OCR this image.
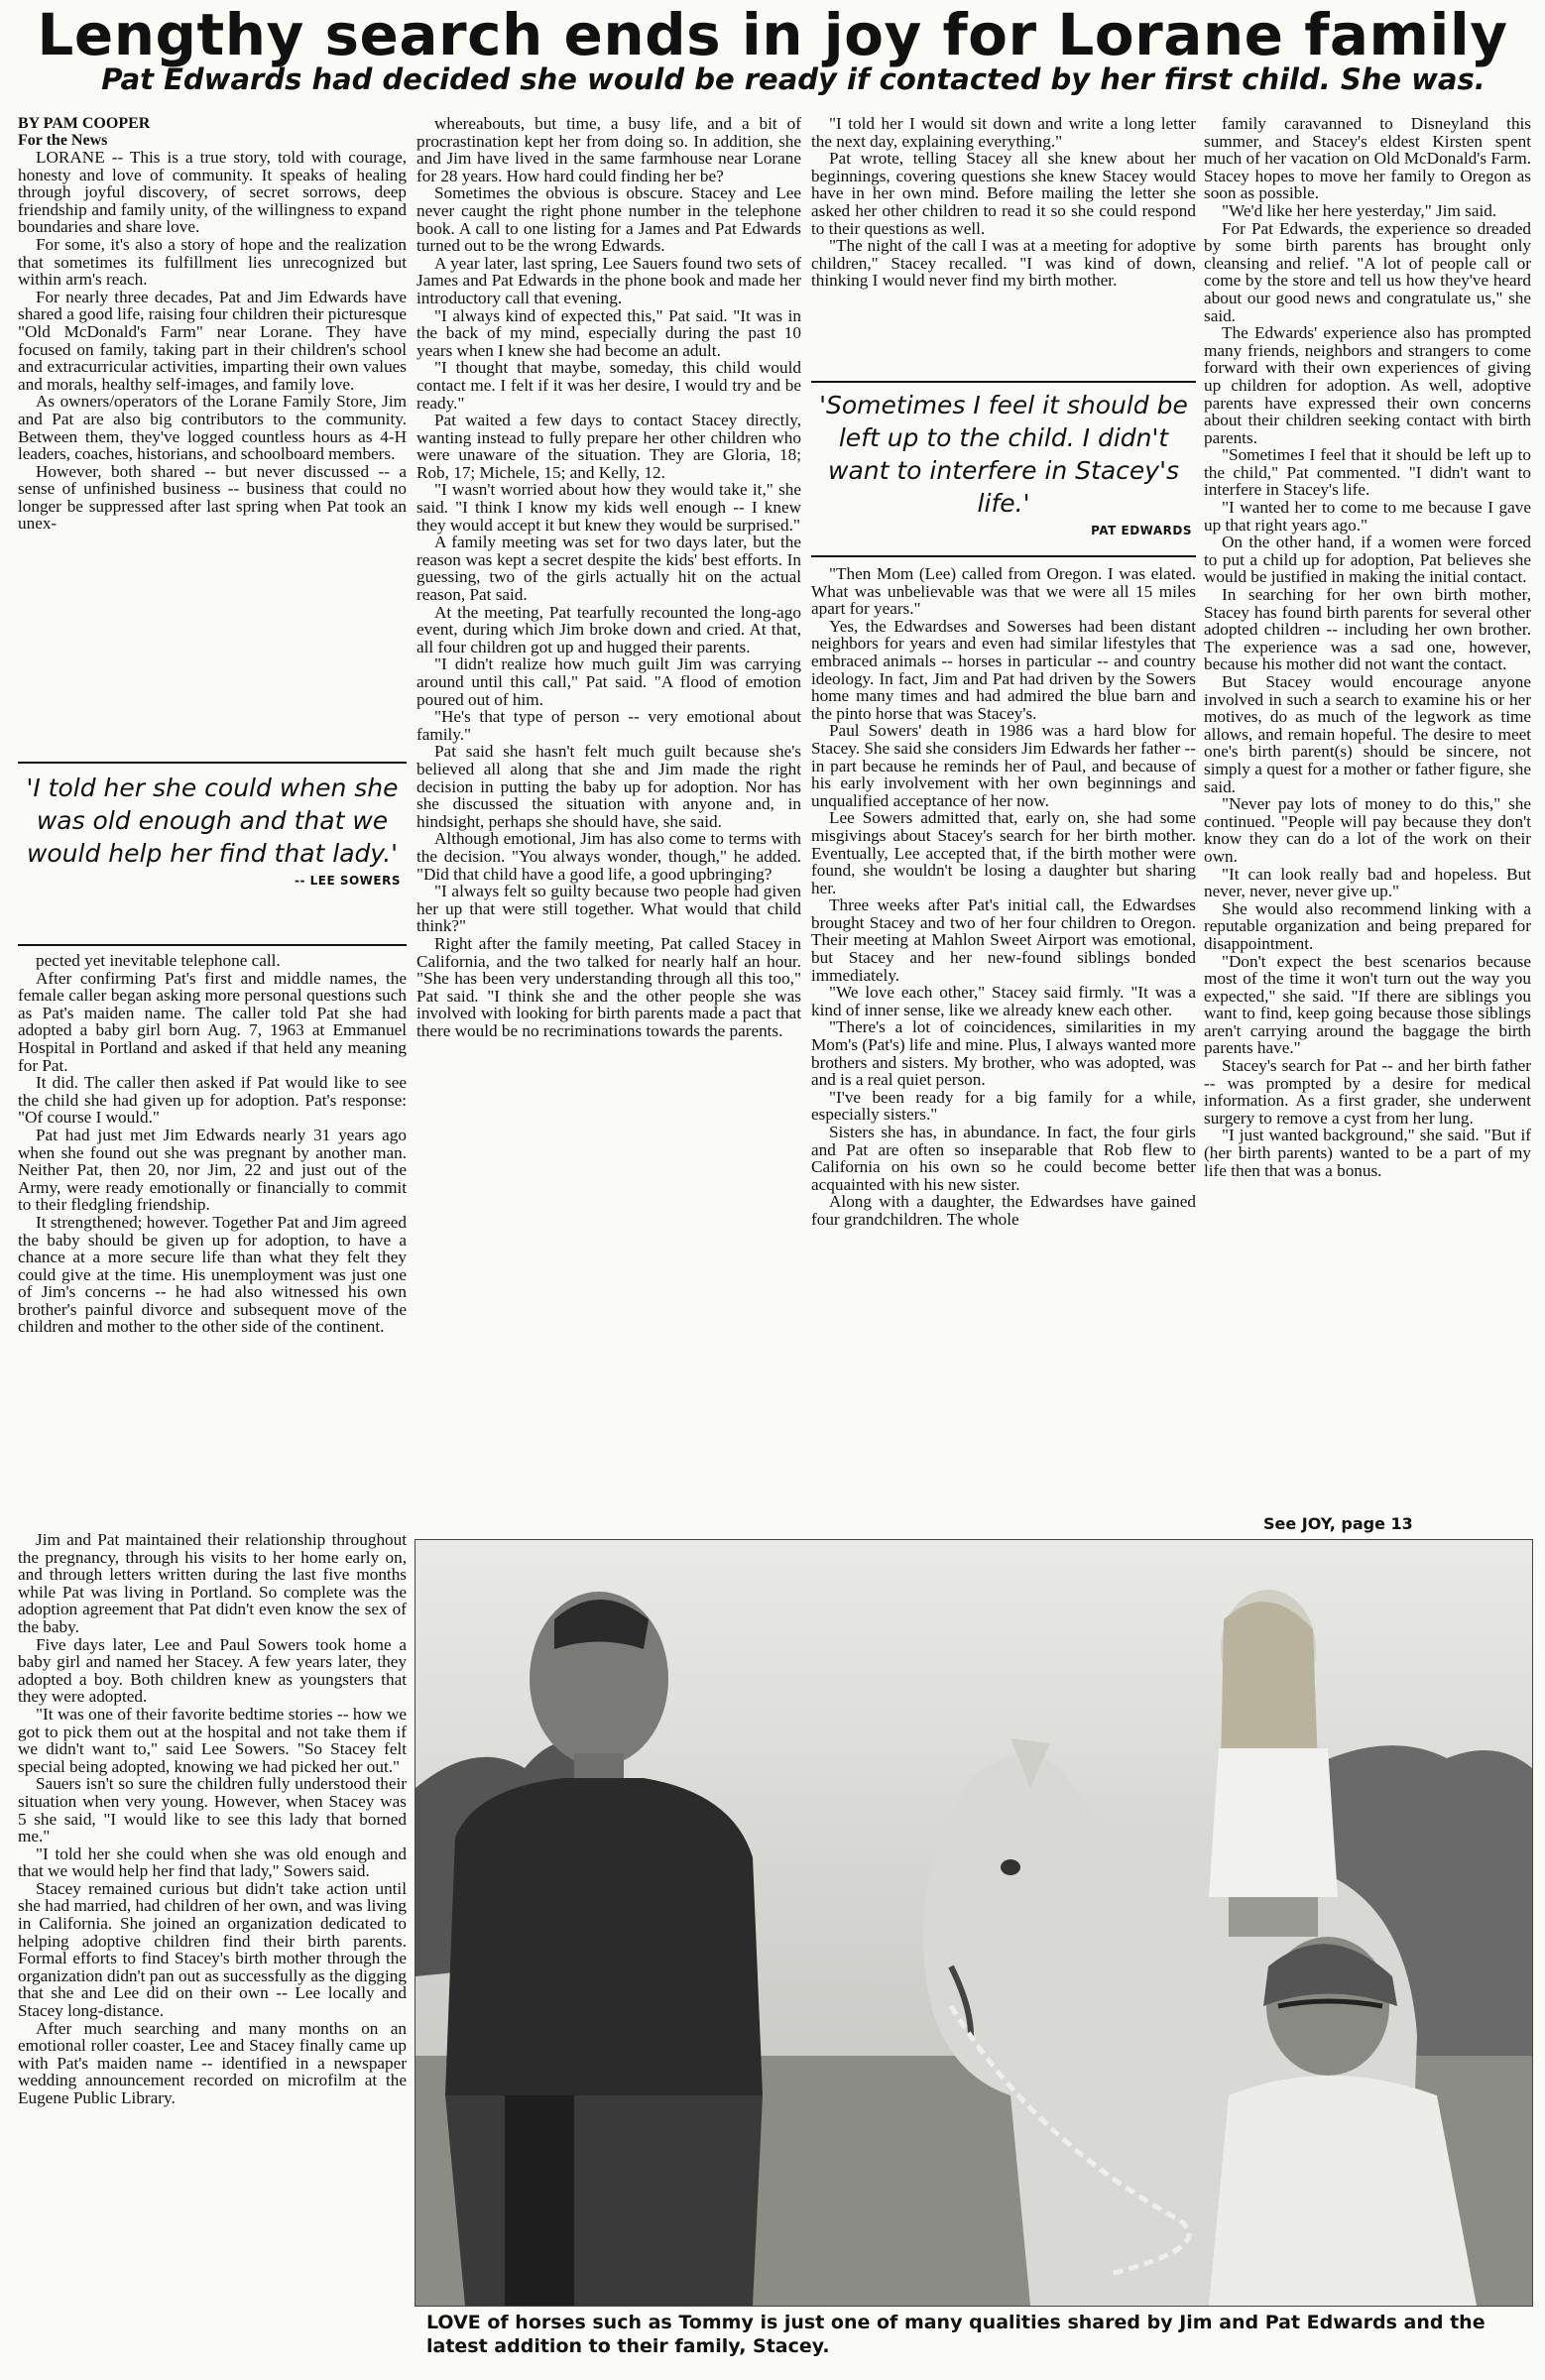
Lengthy search ends in joy for Lorane family
Pat Edwards had decided she would be ready if contacted by her first child. She was.

BY PAM COOPER

For the News

LORANE -- This is a true story, told with courage, honesty and love of community. It speaks of healing through joyful discovery, of secret sorrows, deep friendship and family unity, of the willingness to expand boundaries and share love.

For some, it's also a story of hope and the realization that sometimes its fulfillment lies unrecognized but within arm's reach.

For nearly three decades, Pat and Jim Edwards have shared a good life, raising four children their picturesque "Old McDonald's Farm" near Lorane. They have focused on family, taking part in their children's school and extracurricular activities, imparting their own values and morals, healthy self-images, and family love.

As owners/operators of the Lorane Family Store, Jim and Pat are also big contributors to the community. Between them, they've logged countless hours as 4-H leaders, coaches, historians, and schoolboard members.

However, both shared -- but never discussed -- a sense of unfinished business -- business that could no longer be suppressed after last spring when Pat took an unex-

'I told her she could when she was old enough and that we would help her find that lady.'
-- LEE SOWERS

pected yet inevitable telephone call.

After confirming Pat's first and middle names, the female caller began asking more personal questions such as Pat's maiden name. The caller told Pat she had adopted a baby girl born Aug. 7, 1963 at Emmanuel Hospital in Portland and asked if that held any meaning for Pat.

It did. The caller then asked if Pat would like to see the child she had given up for adoption. Pat's response: "Of course I would."

Pat had just met Jim Edwards nearly 31 years ago when she found out she was pregnant by another man. Neither Pat, then 20, nor Jim, 22 and just out of the Army, were ready emotionally or financially to commit to their fledgling friendship.

It strengthened; however. Together Pat and Jim agreed the baby should be given up for adoption, to have a chance at a more secure life than what they felt they could give at the time. His unemployment was just one of Jim's concerns -- he had also witnessed his own brother's painful divorce and subsequent move of the children and mother to the other side of the continent.

Jim and Pat maintained their relationship throughout the pregnancy, through his visits to her home early on, and through letters written during the last five months while Pat was living in Portland. So complete was the adoption agreement that Pat didn't even know the sex of the baby.

Five days later, Lee and Paul Sowers took home a baby girl and named her Stacey. A few years later, they adopted a boy. Both children knew as youngsters that they were adopted.

"It was one of their favorite bedtime stories -- how we got to pick them out at the hospital and not take them if we didn't want to," said Lee Sowers. "So Stacey felt special being adopted, knowing we had picked her out."

Sauers isn't so sure the children fully understood their situation when very young. However, when Stacey was 5 she said, "I would like to see this lady that borned me."

"I told her she could when she was old enough and that we would help her find that lady," Sowers said.

Stacey remained curious but didn't take action until she had married, had children of her own, and was living in California. She joined an organization dedicated to helping adoptive children find their birth parents. Formal efforts to find Stacey's birth mother through the organization didn't pan out as successfully as the digging that she and Lee did on their own -- Lee locally and Stacey long-distance.

After much searching and many months on an emotional roller coaster, Lee and Stacey finally came up with Pat's maiden name -- identified in a newspaper wedding announcement recorded on microfilm at the Eugene Public Library.

whereabouts, but time, a busy life, and a bit of procrastination kept her from doing so. In addition, she and Jim have lived in the same farmhouse near Lorane for 28 years. How hard could finding her be?

Sometimes the obvious is obscure. Stacey and Lee never caught the right phone number in the telephone book. A call to one listing for a James and Pat Edwards turned out to be the wrong Edwards.

A year later, last spring, Lee Sauers found two sets of James and Pat Edwards in the phone book and made her introductory call that evening.

"I always kind of expected this," Pat said. "It was in the back of my mind, especially during the past 10 years when I knew she had become an adult.

"I thought that maybe, someday, this child would contact me. I felt if it was her desire, I would try and be ready."

Pat waited a few days to contact Stacey directly, wanting instead to fully prepare her other children who were unaware of the situation. They are Gloria, 18; Rob, 17; Michele, 15; and Kelly, 12.

"I wasn't worried about how they would take it," she said. "I think I know my kids well enough -- I knew they would accept it but knew they would be surprised."

A family meeting was set for two days later, but the reason was kept a secret despite the kids' best efforts. In guessing, two of the girls actually hit on the actual reason, Pat said.

At the meeting, Pat tearfully recounted the long-ago event, during which Jim broke down and cried. At that, all four children got up and hugged their parents.

"I didn't realize how much guilt Jim was carrying around until this call," Pat said. "A flood of emotion poured out of him.

"He's that type of person -- very emotional about family."

Pat said she hasn't felt much guilt because she's believed all along that she and Jim made the right decision in putting the baby up for adoption. Nor has she discussed the situation with anyone and, in hindsight, perhaps she should have, she said.

Although emotional, Jim has also come to terms with the decision. "You always wonder, though," he added. "Did that child have a good life, a good upbringing?

"I always felt so guilty because two people had given her up that were still together. What would that child think?"

Right after the family meeting, Pat called Stacey in California, and the two talked for nearly half an hour. "She has been very understanding through all this too," Pat said. "I think she and the other people she was involved with looking for birth parents made a pact that there would be no recriminations towards the parents.

"I told her I would sit down and write a long letter the next day, explaining everything."

Pat wrote, telling Stacey all she knew about her beginnings, covering questions she knew Stacey would have in her own mind. Before mailing the letter she asked her other children to read it so she could respond to their questions as well.

"The night of the call I was at a meeting for adoptive children," Stacey recalled. "I was kind of down, thinking I would never find my birth mother.

'Sometimes I feel it should be left up to the child. I didn't want to interfere in Stacey's life.'
PAT EDWARDS

"Then Mom (Lee) called from Oregon. I was elated. What was unbelievable was that we were all 15 miles apart for years."

Yes, the Edwardses and Sowerses had been distant neighbors for years and even had similar lifestyles that embraced animals -- horses in particular -- and country ideology. In fact, Jim and Pat had driven by the Sowers home many times and had admired the blue barn and the pinto horse that was Stacey's.

Paul Sowers' death in 1986 was a hard blow for Stacey. She said she considers Jim Edwards her father -- in part because he reminds her of Paul, and because of his early involvement with her own beginnings and unqualified acceptance of her now.

Lee Sowers admitted that, early on, she had some misgivings about Stacey's search for her birth mother. Eventually, Lee accepted that, if the birth mother were found, she wouldn't be losing a daughter but sharing her.

Three weeks after Pat's initial call, the Edwardses brought Stacey and two of her four children to Oregon. Their meeting at Mahlon Sweet Airport was emotional, but Stacey and her new-found siblings bonded immediately.

"We love each other," Stacey said firmly. "It was a kind of inner sense, like we already knew each other.

"There's a lot of coincidences, similarities in my Mom's (Pat's) life and mine. Plus, I always wanted more brothers and sisters. My brother, who was adopted, was and is a real quiet person.

"I've been ready for a big family for a while, especially sisters."

Sisters she has, in abundance. In fact, the four girls and Pat are often so inseparable that Rob flew to California on his own so he could become better acquainted with his new sister.

Along with a daughter, the Edwardses have gained four grandchildren. The whole

family caravanned to Disneyland this summer, and Stacey's eldest Kirsten spent much of her vacation on Old McDonald's Farm. Stacey hopes to move her family to Oregon as soon as possible.

"We'd like her here yesterday," Jim said.

For Pat Edwards, the experience so dreaded by some birth parents has brought only cleansing and relief. "A lot of people call or come by the store and tell us how they've heard about our good news and congratulate us," she said.

The Edwards' experience also has prompted many friends, neighbors and strangers to come forward with their own experiences of giving up children for adoption. As well, adoptive parents have expressed their own concerns about their children seeking contact with birth parents.

"Sometimes I feel that it should be left up to the child," Pat commented. "I didn't want to interfere in Stacey's life.

"I wanted her to come to me because I gave up that right years ago."

On the other hand, if a women were forced to put a child up for adoption, Pat believes she would be justified in making the initial contact.

In searching for her own birth mother, Stacey has found birth parents for several other adopted children -- including her own brother. The experience was a sad one, however, because his mother did not want the contact.

But Stacey would encourage anyone involved in such a search to examine his or her motives, do as much of the legwork as time allows, and remain hopeful. The desire to meet one's birth parent(s) should be sincere, not simply a quest for a mother or father figure, she said.

"Never pay lots of money to do this," she continued. "People will pay because they don't know they can do a lot of the work on their own.

"It can look really bad and hopeless. But never, never, never give up."

She would also recommend linking with a reputable organization and being prepared for disappointment.

"Don't expect the best scenarios because most of the time it won't turn out the way you expected," she said. "If there are siblings you want to find, keep going because those siblings aren't carrying around the baggage the birth parents have."

Stacey's search for Pat -- and her birth father -- was prompted by a desire for medical information. As a first grader, she underwent surgery to remove a cyst from her lung.

"I just wanted background," she said. "But if (her birth parents) wanted to be a part of my life then that was a bonus.

See JOY, page 13
LOVE of horses such as Tommy is just one of many qualities shared by Jim and Pat Edwards and the latest addition to their family, Stacey.
